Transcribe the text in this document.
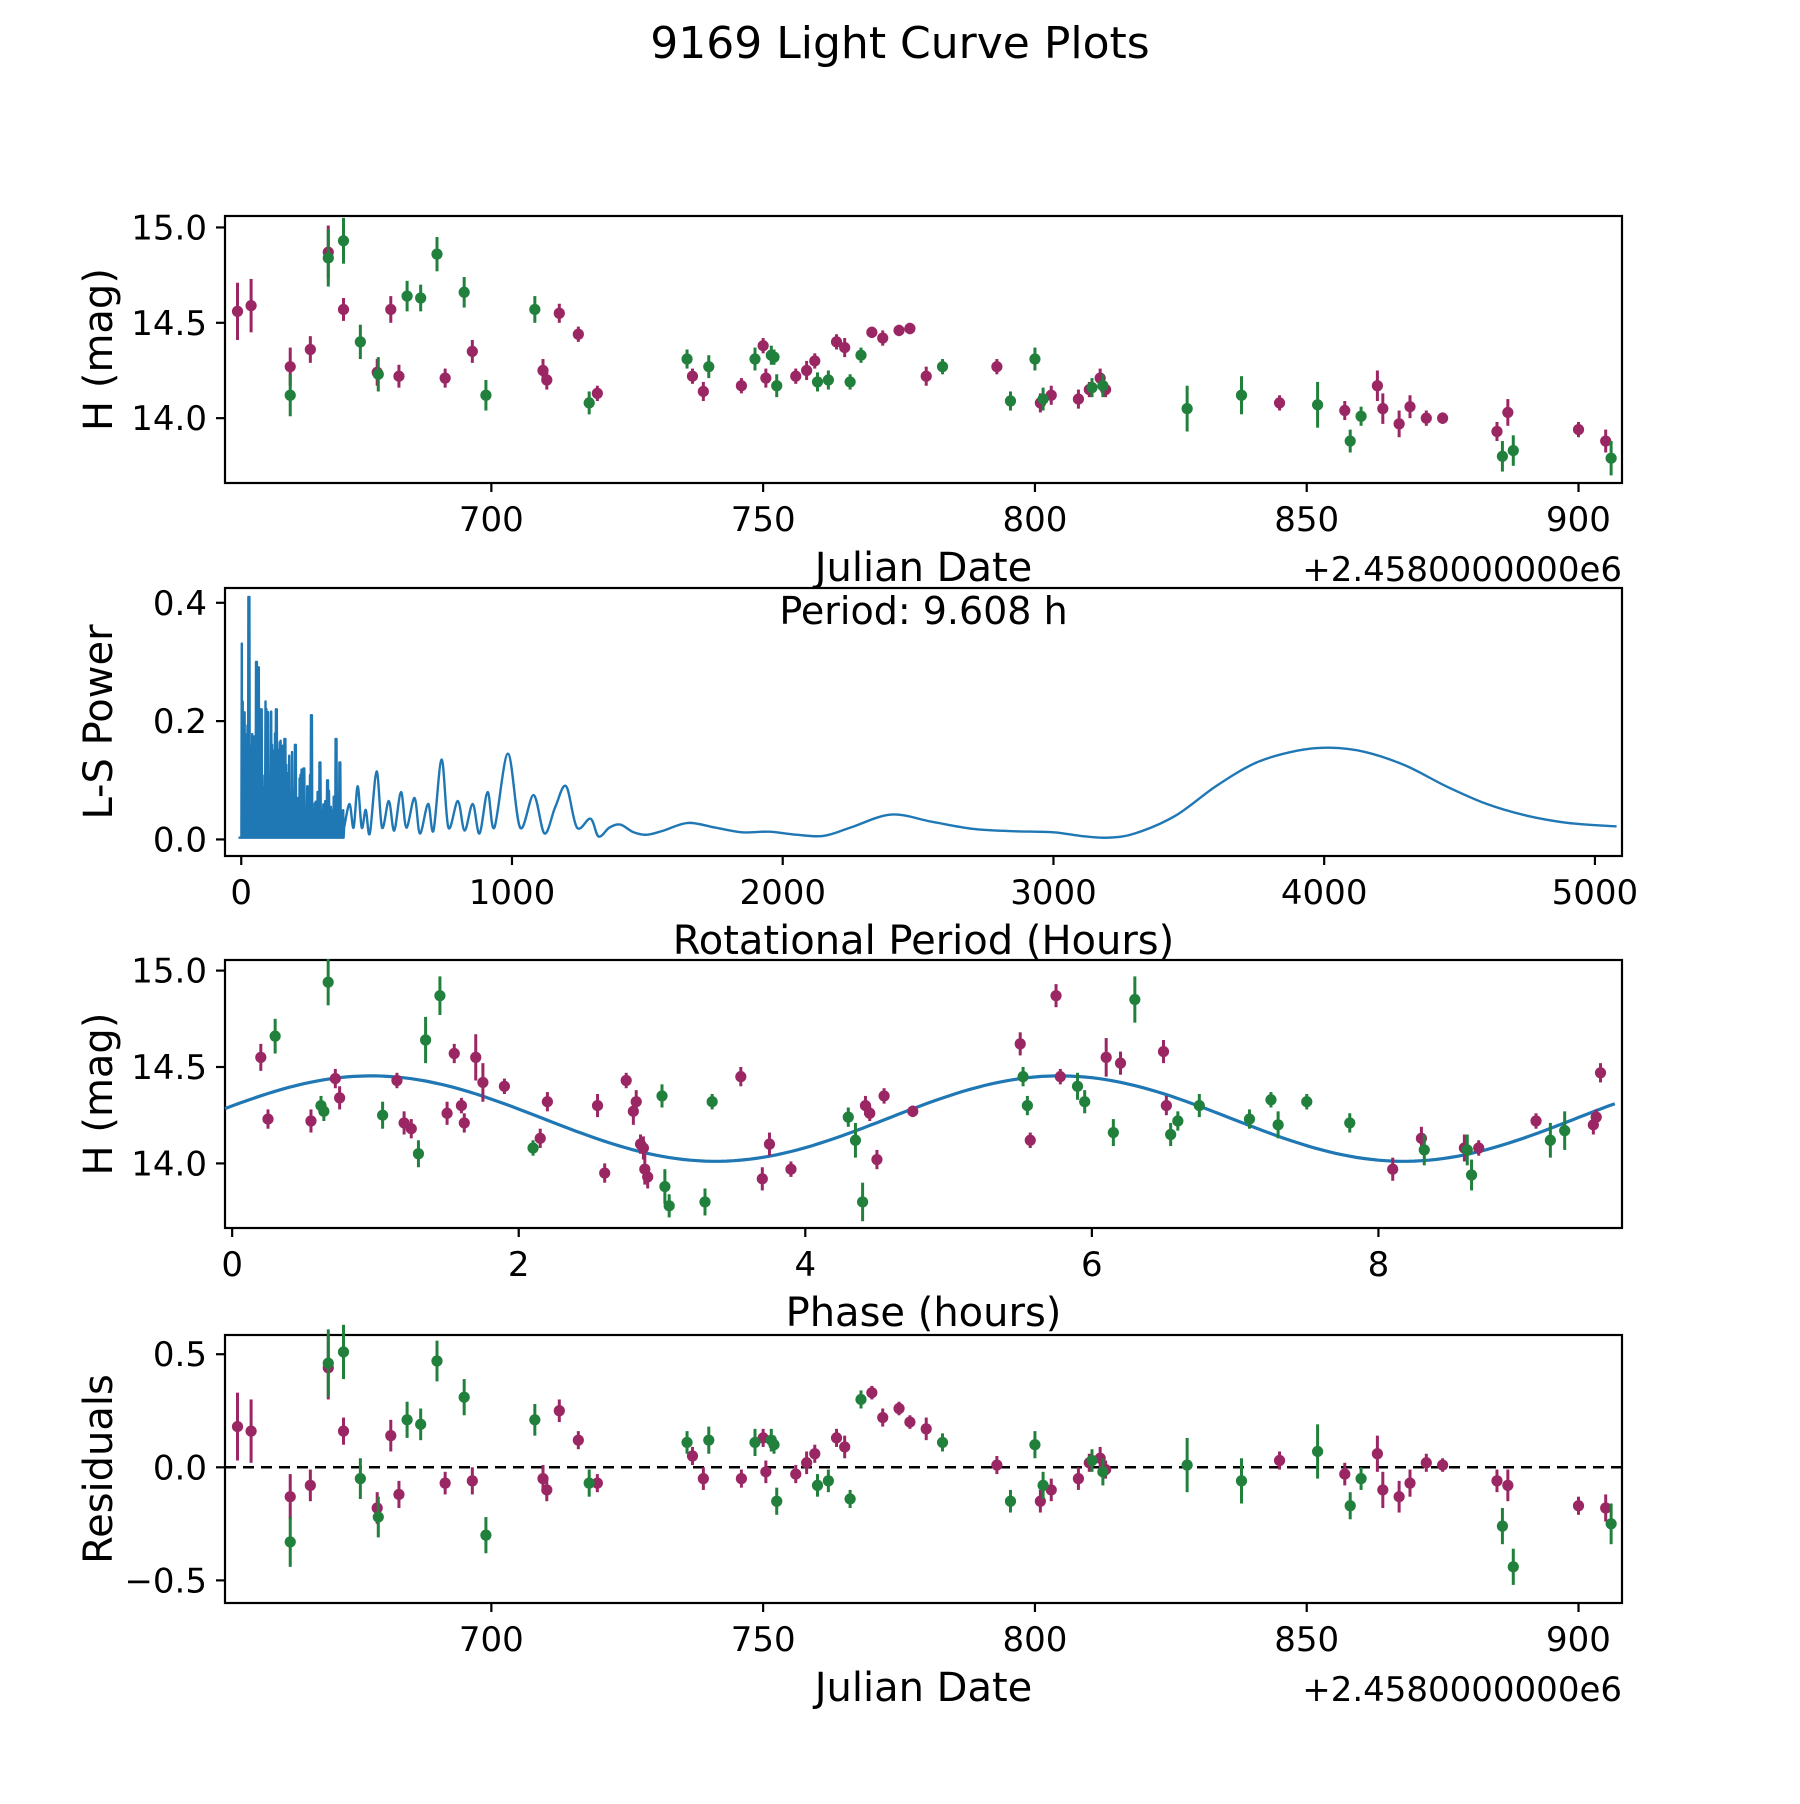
9169 Light Curve Plots
700	750	800	850	900
15.0
14.5
14.0
Julian Date
H (mag)
+2.4580000000e6
0	1000	2000	3000	4000	5000
0.0
0.2
0.4
Rotational Period (Hours)
L-S Power
Period: 9.608 h
0	2	4	6	8
15.0
14.5
14.0
Phase (hours)
H (mag)
700	750	800	850	900
0.5
0.0
−0.5
Julian Date
Residuals
+2.4580000000e6
